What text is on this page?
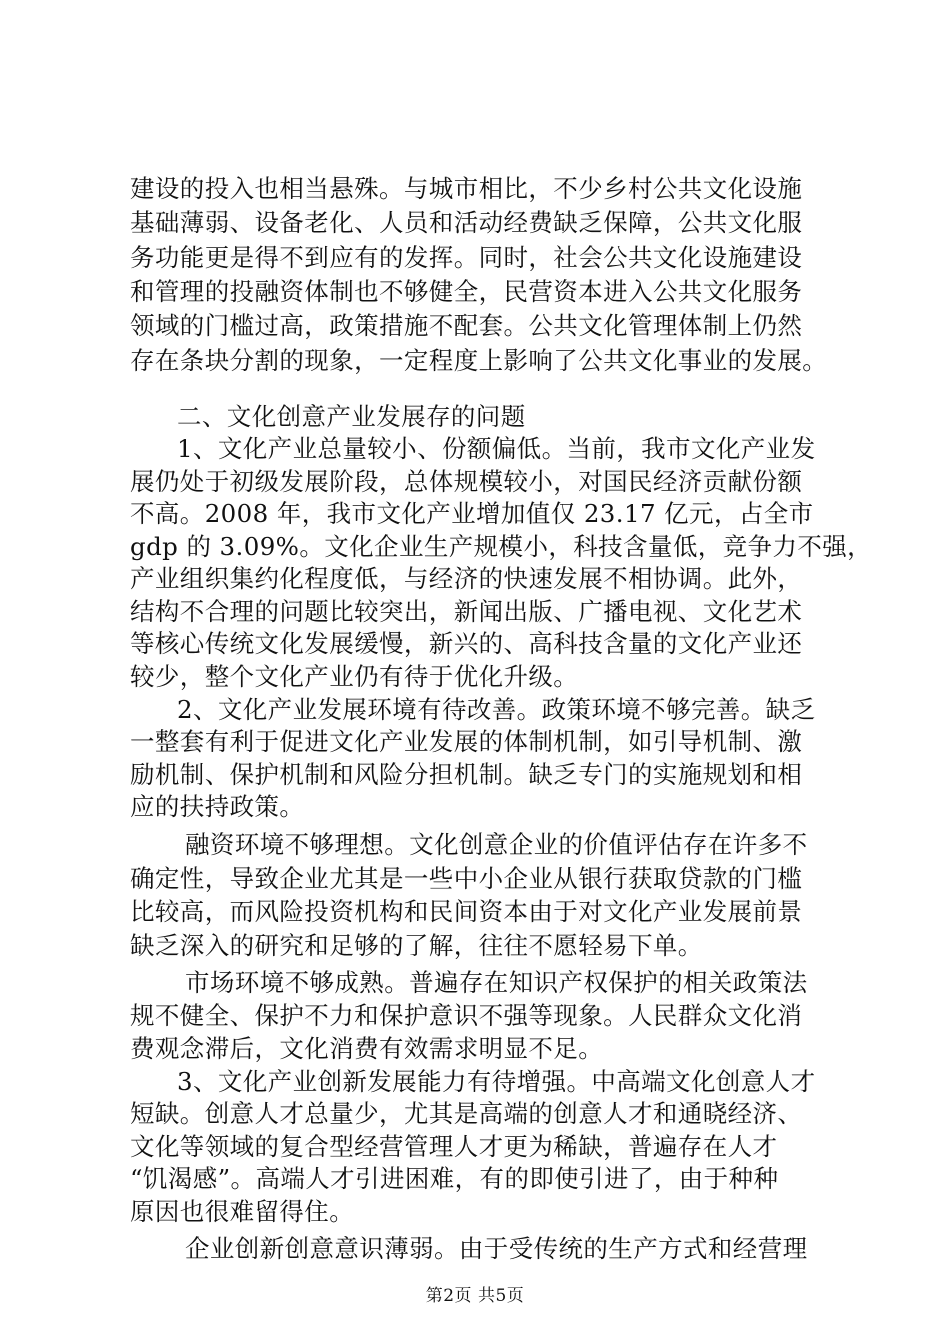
建设的投入也相当悬殊。与城市相比，不少乡村公共文化设施
基础薄弱、设备老化、人员和活动经费缺乏保障，公共文化服
务功能更是得不到应有的发挥。同时，社会公共文化设施建设
和管理的投融资体制也不够健全，民营资本进入公共文化服务
领域的门槛过高，政策措施不配套。公共文化管理体制上仍然
存在条块分割的现象，一定程度上影响了公共文化事业的发展。
二、文化创意产业发展存的问题
1、文化产业总量较小、份额偏低。当前，我市文化产业发
展仍处于初级发展阶段，总体规模较小，对国民经济贡献份额
不高。2008 年，我市文化产业增加值仅 23.17 亿元，占全市
gdp 的 3.09%。文化企业生产规模小，科技含量低，竞争力不强，
产业组织集约化程度低，与经济的快速发展不相协调。此外，
结构不合理的问题比较突出，新闻出版、广播电视、文化艺术
等核心传统文化发展缓慢，新兴的、高科技含量的文化产业还
较少，整个文化产业仍有待于优化升级。
2、文化产业发展环境有待改善。政策环境不够完善。缺乏
一整套有利于促进文化产业发展的体制机制，如引导机制、激
励机制、保护机制和风险分担机制。缺乏专门的实施规划和相
应的扶持政策。
融资环境不够理想。文化创意企业的价值评估存在许多不
确定性，导致企业尤其是一些中小企业从银行获取贷款的门槛
比较高，而风险投资机构和民间资本由于对文化产业发展前景
缺乏深入的研究和足够的了解，往往不愿轻易下单。
市场环境不够成熟。普遍存在知识产权保护的相关政策法
规不健全、保护不力和保护意识不强等现象。人民群众文化消
费观念滞后，文化消费有效需求明显不足。
3、文化产业创新发展能力有待增强。中高端文化创意人才
短缺。创意人才总量少，尤其是高端的创意人才和通晓经济、
文化等领域的复合型经营管理人才更为稀缺，普遍存在人才
“饥渴感”。高端人才引进困难，有的即使引进了，由于种种
原因也很难留得住。
企业创新创意意识薄弱。由于受传统的生产方式和经营理
第2页 共5页
